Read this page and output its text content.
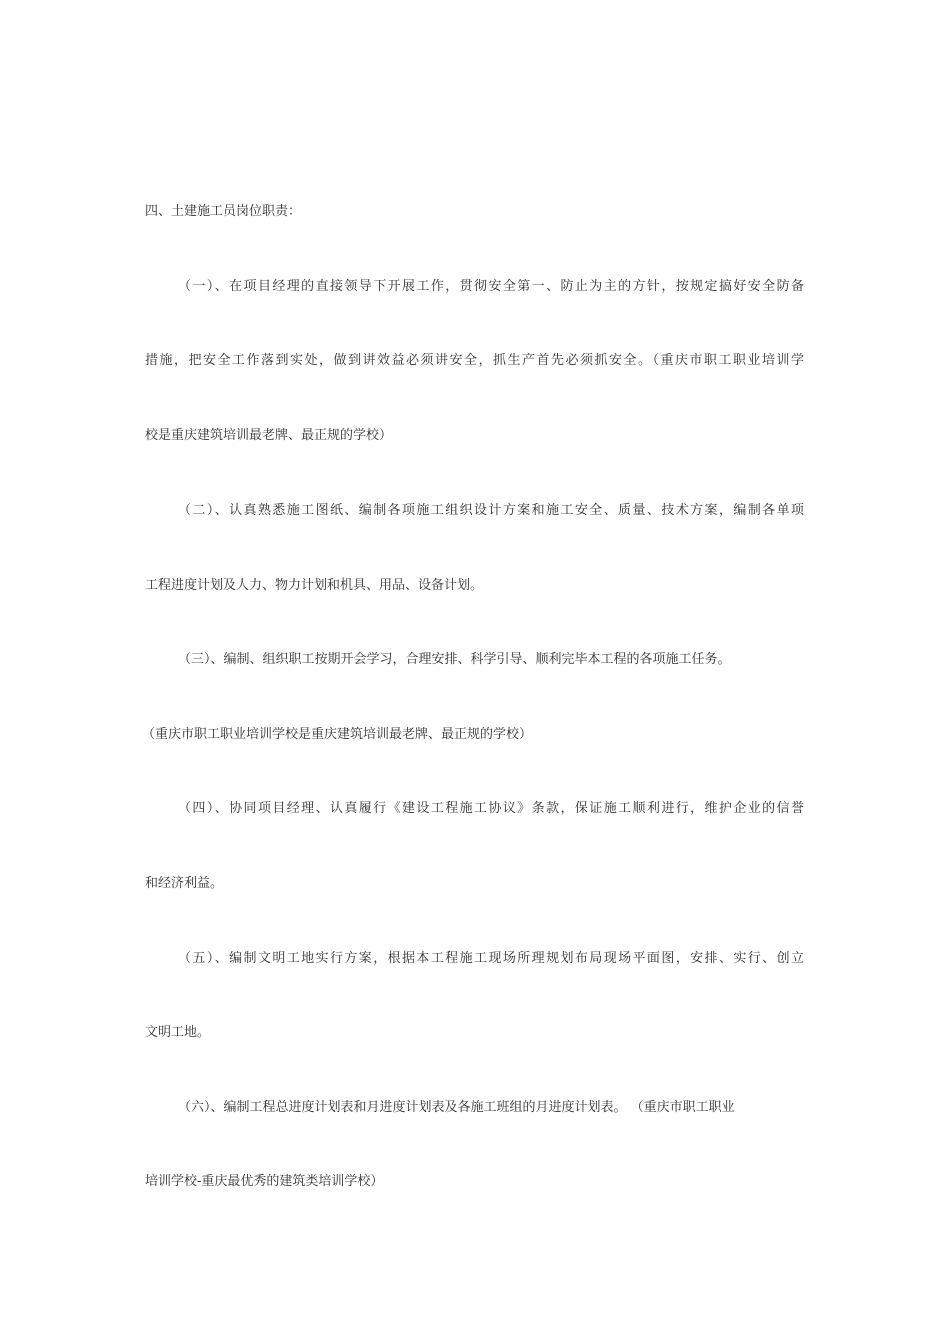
四、土建施工员岗位职责：

（一）、在项目经理的直接领导下开展工作，贯彻安全第一、防止为主的方针，按规定搞好安全防备

措施，把安全工作落到实处，做到讲效益必须讲安全，抓生产首先必须抓安全。（重庆市职工职业培训学

校是重庆建筑培训最老牌、最正规的学校）

（二）、认真熟悉施工图纸、编制各项施工组织设计方案和施工安全、质量、技术方案，编制各单项

工程进度计划及人力、物力计划和机具、用品、设备计划。

（三）、编制、组织职工按期开会学习，合理安排、科学引导、顺利完毕本工程的各项施工任务。

（重庆市职工职业培训学校是重庆建筑培训最老牌、最正规的学校）

（四）、协同项目经理、认真履行《建设工程施工协议》条款，保证施工顺利进行，维护企业的信誉

和经济利益。

（五）、编制文明工地实行方案，根据本工程施工现场所理规划布局现场平面图，安排、实行、创立

文明工地。

（六）、编制工程总进度计划表和月进度计划表及各施工班组的月进度计划表。 （重庆市职工职业

培训学校-重庆最优秀的建筑类培训学校）
